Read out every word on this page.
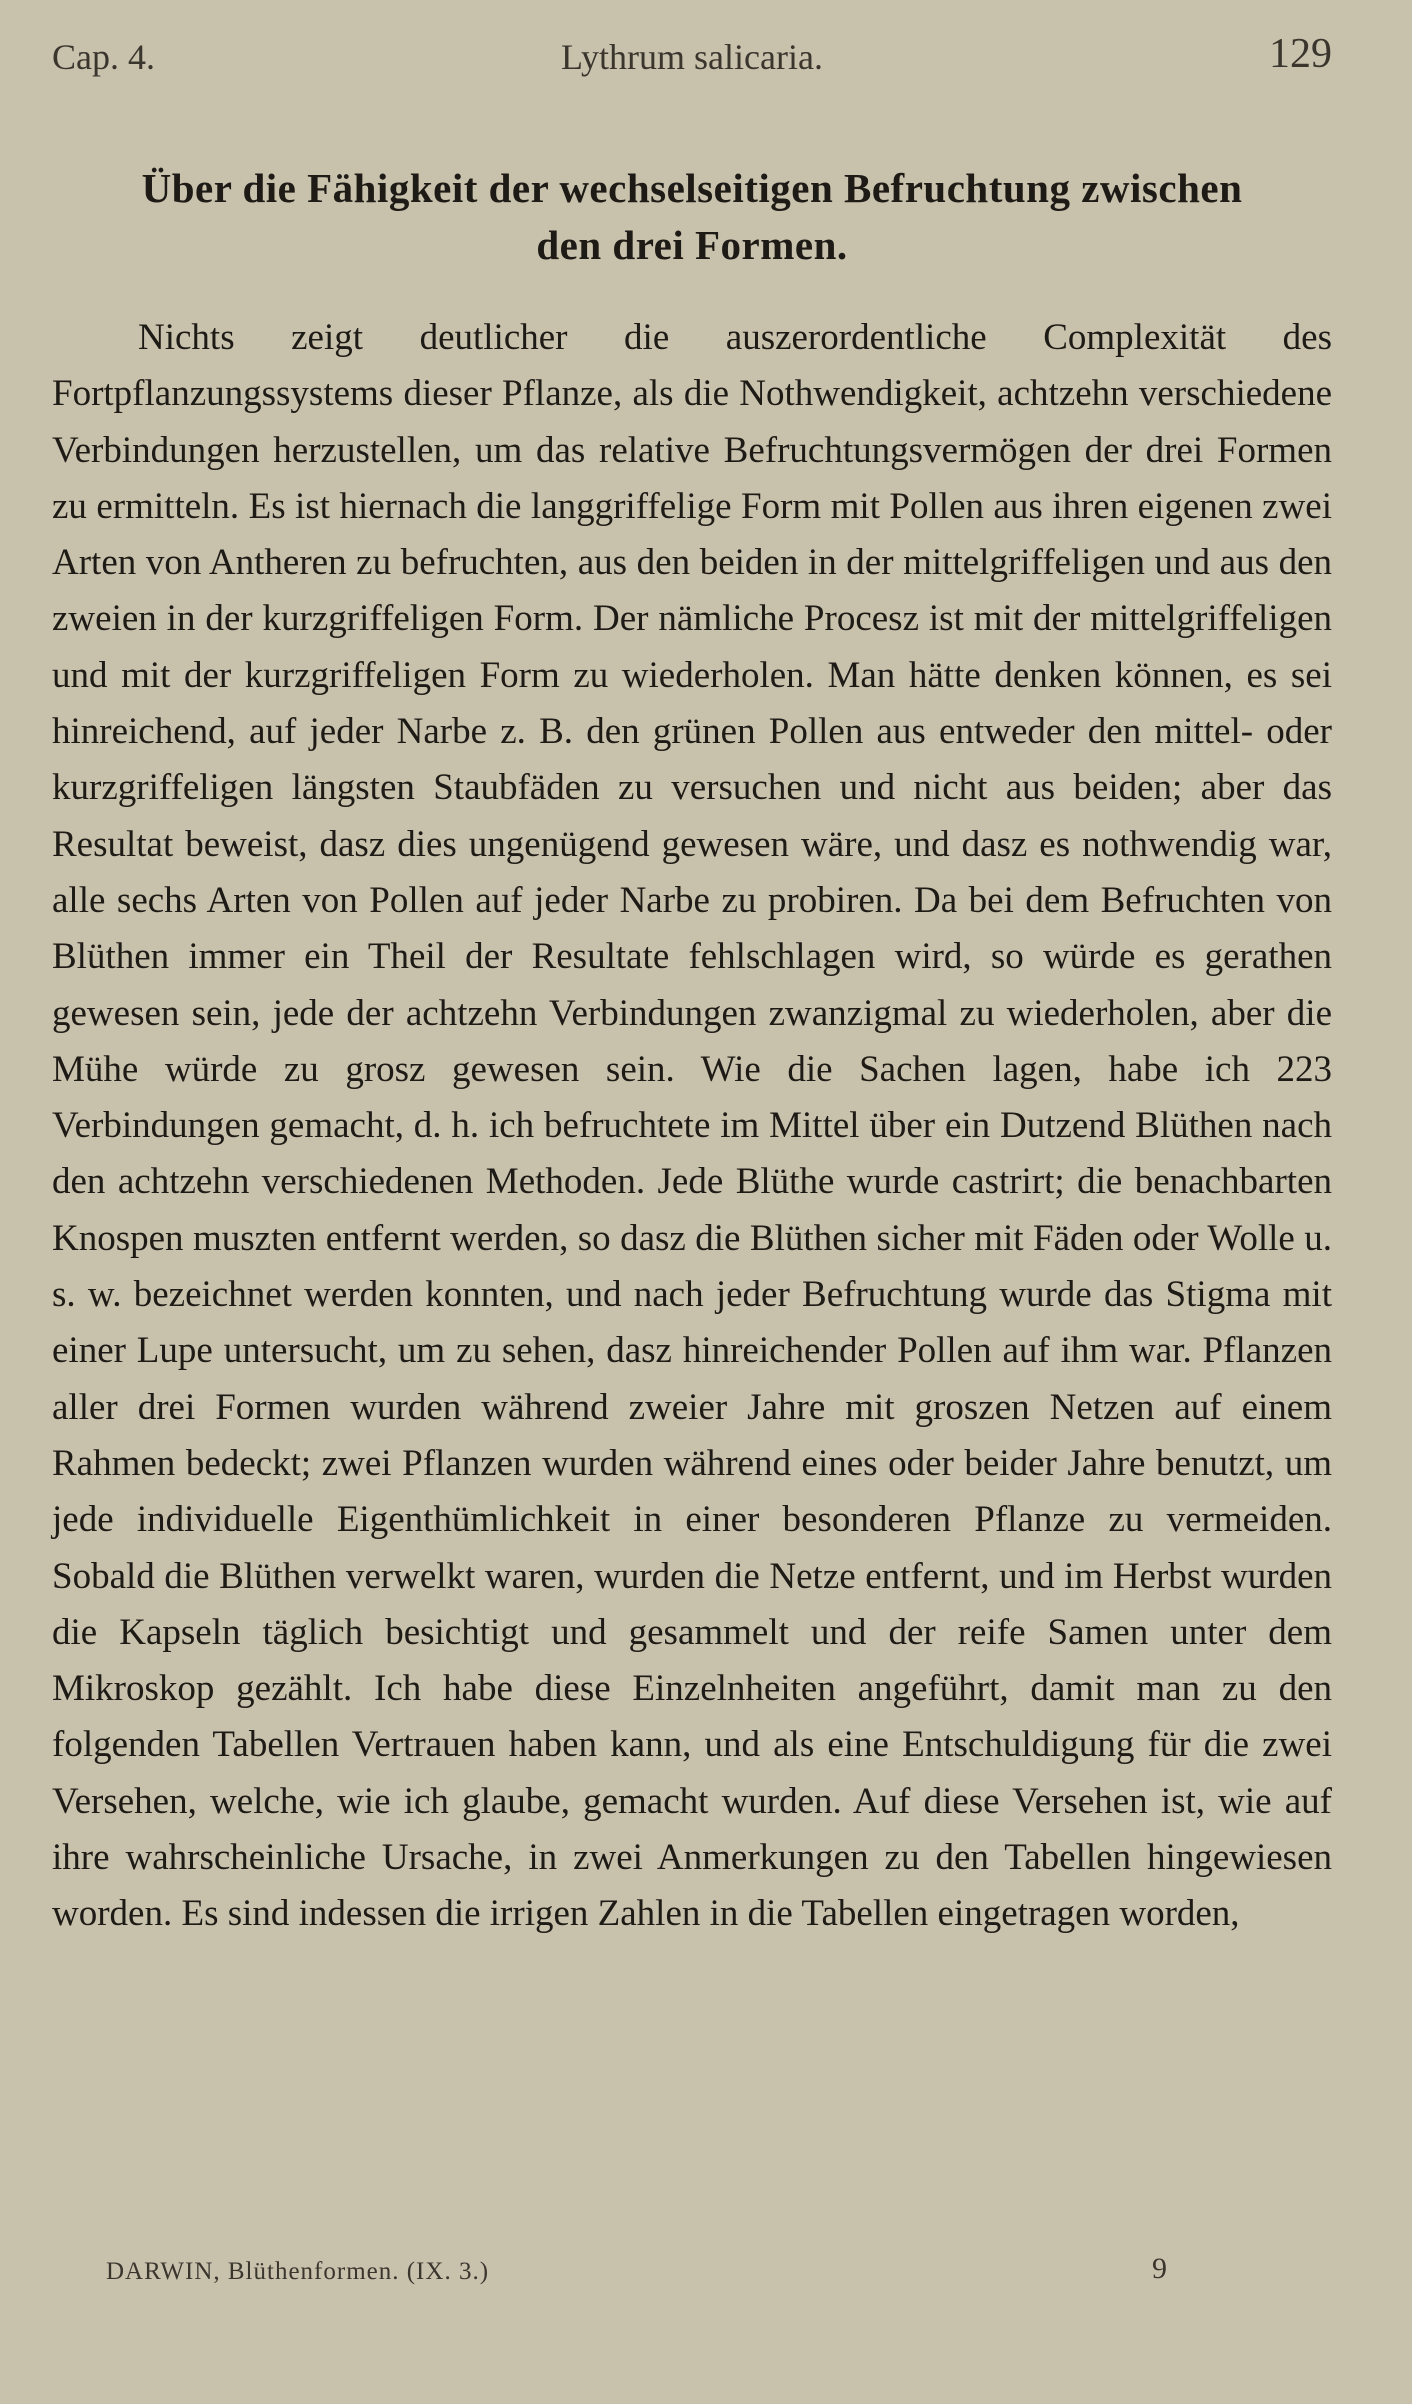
Cap. 4.	Lythrum salicaria.	129
Über die Fähigkeit der wechselseitigen Befruchtung zwischen den drei Formen.

Nichts zeigt deutlicher die auszerordentliche Complexität des Fortpflanzungssystems dieser Pflanze, als die Nothwendigkeit, achtzehn verschiedene Verbindungen herzustellen, um das relative Befruchtungsvermögen der drei Formen zu ermitteln. Es ist hiernach die langgriffelige Form mit Pollen aus ihren eigenen zwei Arten von Antheren zu befruchten, aus den beiden in der mittelgriffeligen und aus den zweien in der kurzgriffeligen Form. Der nämliche Procesz ist mit der mittelgriffeligen und mit der kurzgriffeligen Form zu wiederholen. Man hätte denken können, es sei hinreichend, auf jeder Narbe z. B. den grünen Pollen aus entweder den mittel- oder kurzgriffeligen längsten Staubfäden zu versuchen und nicht aus beiden; aber das Resultat beweist, dasz dies ungenügend gewesen wäre, und dasz es nothwendig war, alle sechs Arten von Pollen auf jeder Narbe zu probiren. Da bei dem Befruchten von Blüthen immer ein Theil der Resultate fehlschlagen wird, so würde es gerathen gewesen sein, jede der achtzehn Verbindungen zwanzigmal zu wiederholen, aber die Mühe würde zu grosz gewesen sein. Wie die Sachen lagen, habe ich 223 Verbindungen gemacht, d. h. ich befruchtete im Mittel über ein Dutzend Blüthen nach den achtzehn verschiedenen Methoden. Jede Blüthe wurde castrirt; die benachbarten Knospen muszten entfernt werden, so dasz die Blüthen sicher mit Fäden oder Wolle u. s. w. bezeichnet werden konnten, und nach jeder Befruchtung wurde das Stigma mit einer Lupe untersucht, um zu sehen, dasz hinreichender Pollen auf ihm war. Pflanzen aller drei Formen wurden während zweier Jahre mit groszen Netzen auf einem Rahmen bedeckt; zwei Pflanzen wurden während eines oder beider Jahre benutzt, um jede individuelle Eigenthümlichkeit in einer besonderen Pflanze zu vermeiden. Sobald die Blüthen verwelkt waren, wurden die Netze entfernt, und im Herbst wurden die Kapseln täglich besichtigt und gesammelt und der reife Samen unter dem Mikroskop gezählt. Ich habe diese Einzelnheiten angeführt, damit man zu den folgenden Tabellen Vertrauen haben kann, und als eine Entschuldigung für die zwei Versehen, welche, wie ich glaube, gemacht wurden. Auf diese Versehen ist, wie auf ihre wahrscheinliche Ursache, in zwei Anmerkungen zu den Tabellen hingewiesen worden. Es sind indessen die irrigen Zahlen in die Tabellen eingetragen worden,

DARWIN, Blüthenformen. (IX. 3.)	9
